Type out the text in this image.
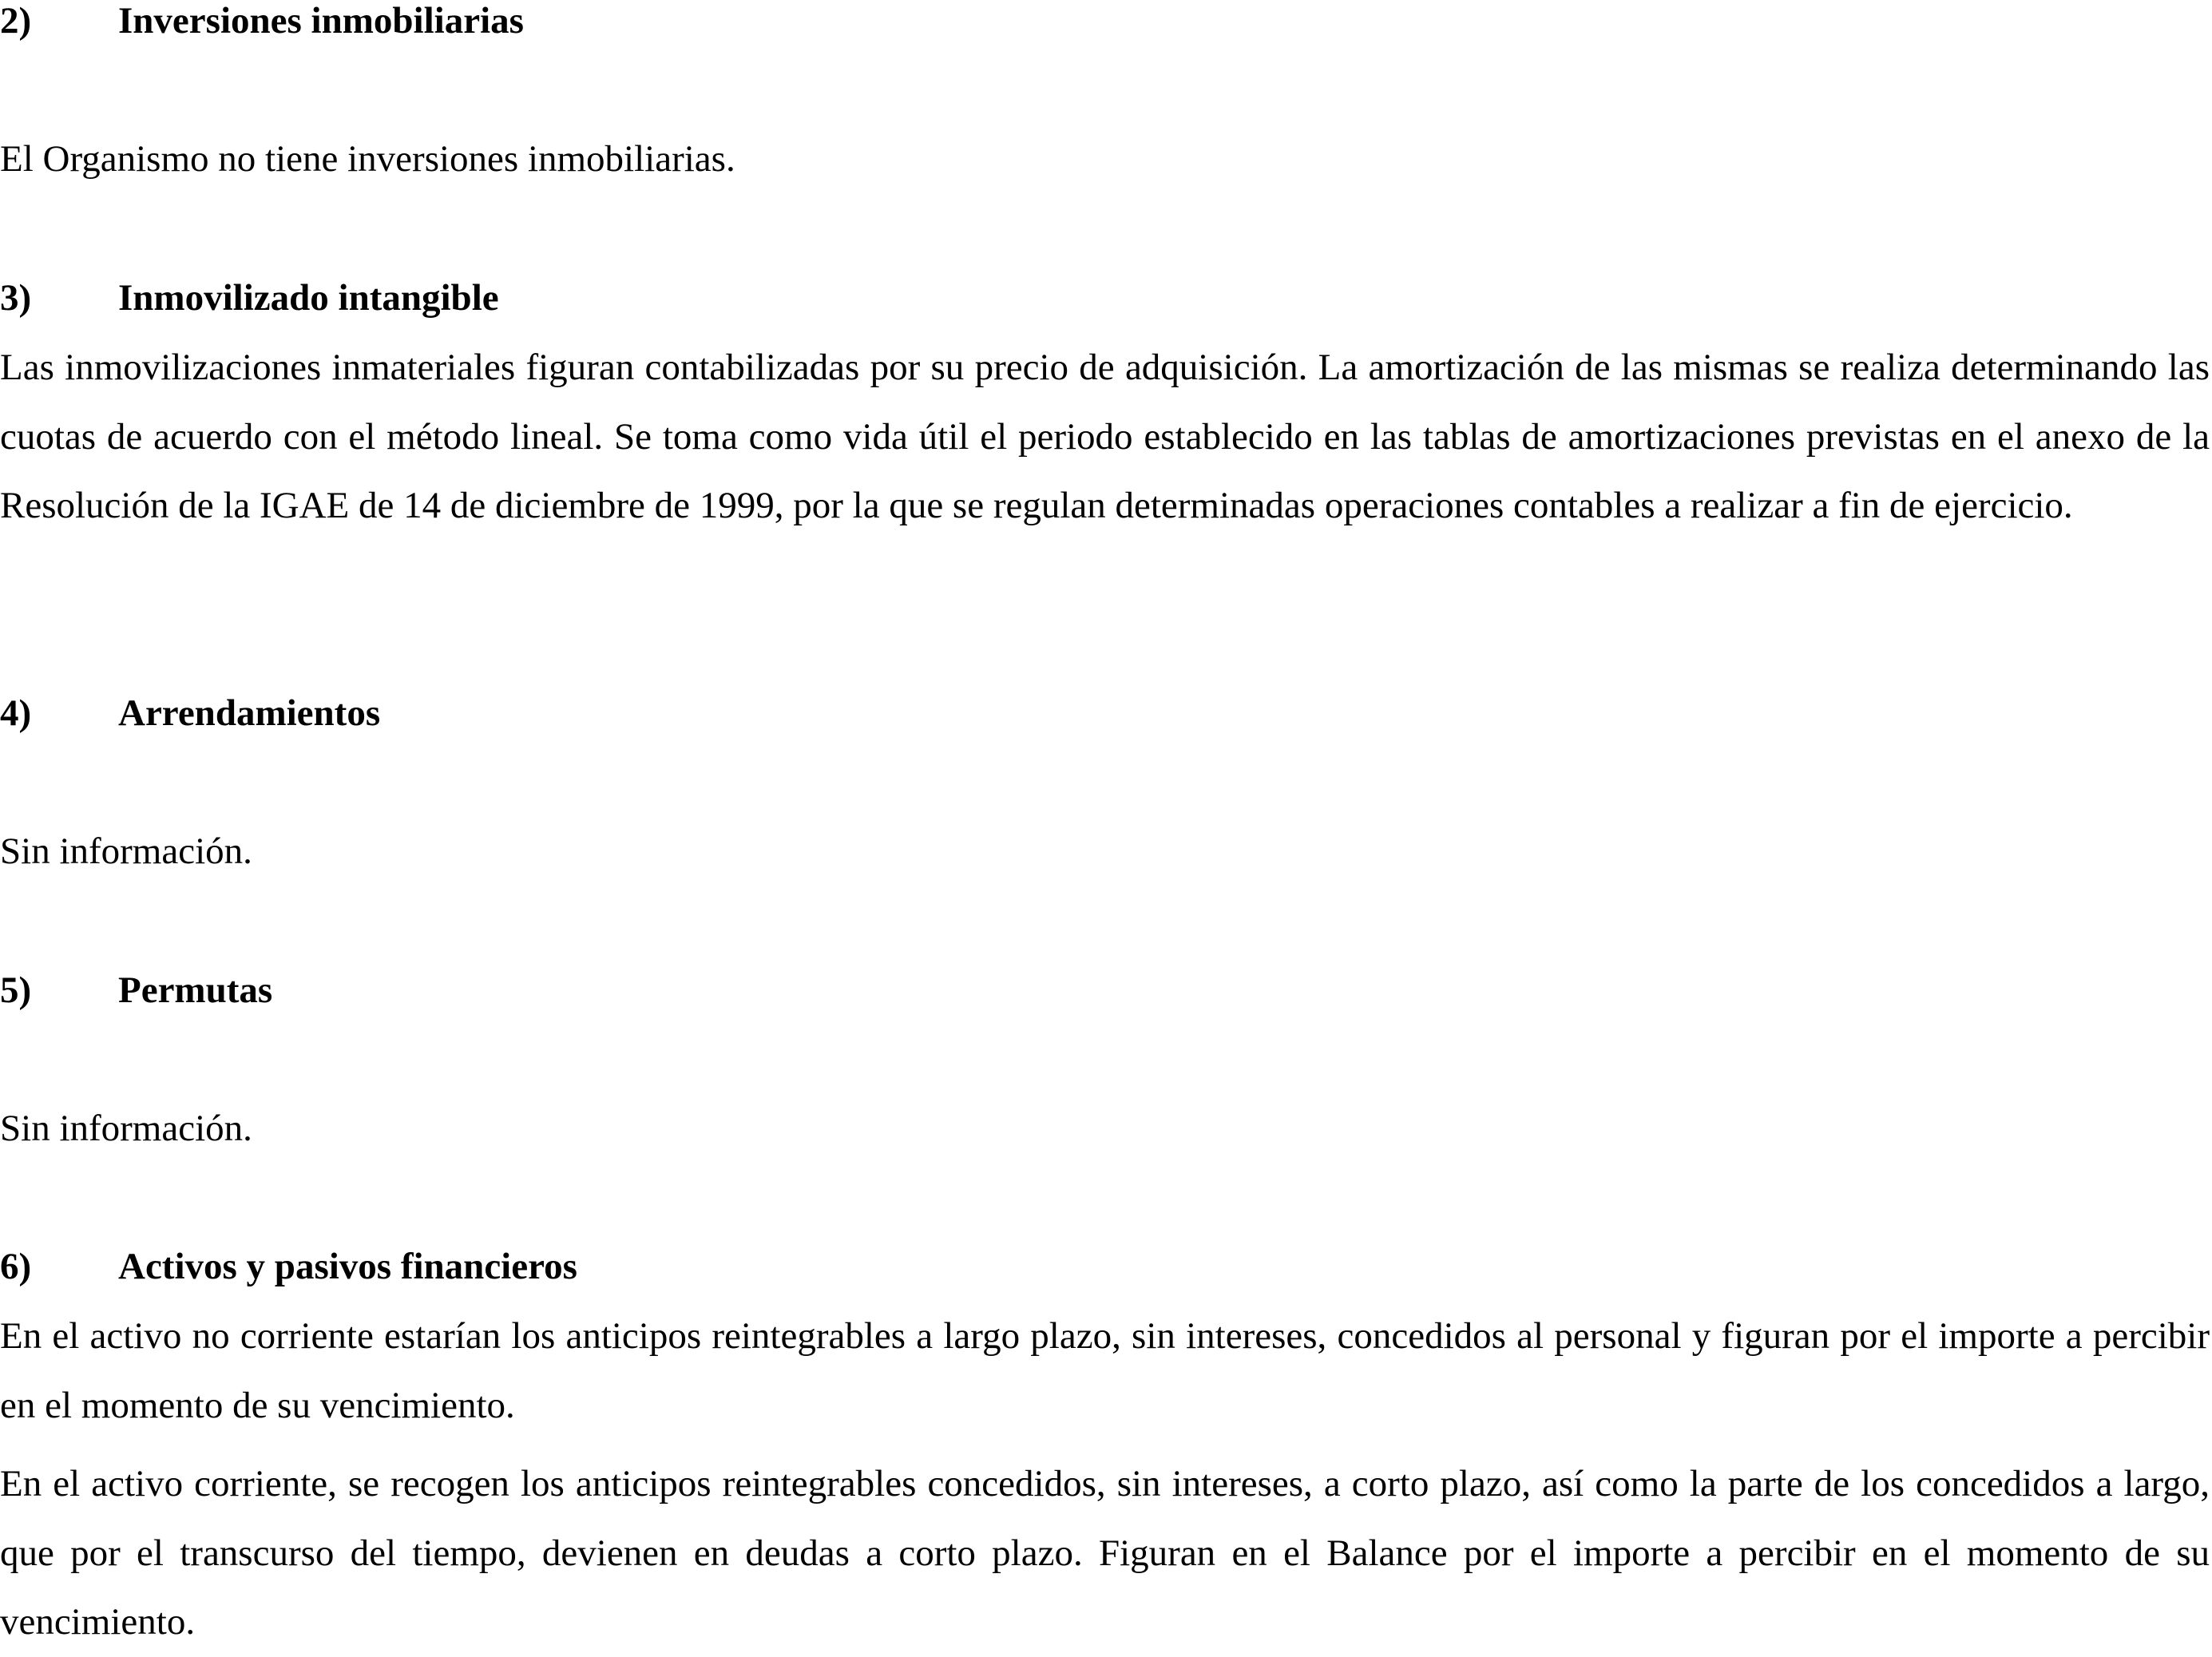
2) Inversiones inmobiliarias

El Organismo no tiene inversiones inmobiliarias.

3) Inmovilizado intangible

Las inmovilizaciones inmateriales figuran contabilizadas por su precio de adquisición. La amortización de las mismas se realiza determinando las cuotas de acuerdo con el método lineal. Se toma como vida útil el periodo establecido en las tablas de amortizaciones previstas en el anexo de la Resolución de la IGAE de 14 de diciembre de 1999, por la que se regulan determinadas operaciones contables a realizar a fin de ejercicio.

4) Arrendamientos

Sin información.

5) Permutas

Sin información.

6) Activos y pasivos financieros

En el activo no corriente estarían los anticipos reintegrables a largo plazo, sin intereses, concedidos al personal y figuran por el importe a percibir en el momento de su vencimiento.

En el activo corriente, se recogen los anticipos reintegrables concedidos, sin intereses, a corto plazo, así como la parte de los concedidos a largo, que por el transcurso del tiempo, devienen en deudas a corto plazo. Figuran en el Balance por el importe a percibir en el momento de su vencimiento.
